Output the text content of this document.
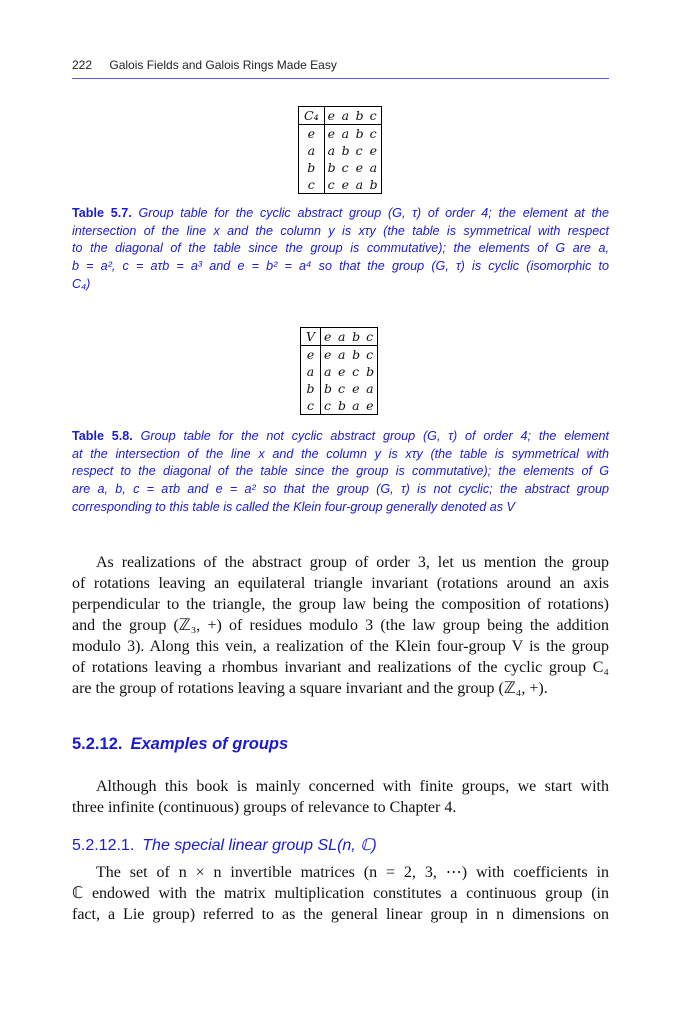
222 Galois Fields and Galois Rings Made Easy
C₄	e	a	b	c
e	e	a	b	c
a	a	b	c	e
b	b	c	e	a
c	c	e	a	b
Table 5.7. Group table for the cyclic abstract group (G, τ) of order 4; the element at the
intersection of the line x and the column y is xτy (the table is symmetrical with respect
to the diagonal of the table since the group is commutative); the elements of G are a,
b = a², c = aτb = a³ and e = b² = a⁴ so that the group (G, τ) is cyclic (isomorphic to
C₄)
V	e	a	b	c
e	e	a	b	c
a	a	e	c	b
b	b	c	e	a
c	c	b	a	e
Table 5.8. Group table for the not cyclic abstract group (G, τ) of order 4; the element
at the intersection of the line x and the column y is xτy (the table is symmetrical with
respect to the diagonal of the table since the group is commutative); the elements of G
are a, b, c = aτb and e = a² so that the group (G, τ) is not cyclic; the abstract group
corresponding to this table is called the Klein four-group generally denoted as V
As realizations of the abstract group of order 3, let us mention the group
of rotations leaving an equilateral triangle invariant (rotations around an axis
perpendicular to the triangle, the group law being the composition of rotations)
and the group (ℤ₃, +) of residues modulo 3 (the law group being the addition
modulo 3). Along this vein, a realization of the Klein four-group V is the group
of rotations leaving a rhombus invariant and realizations of the cyclic group C₄
are the group of rotations leaving a square invariant and the group (ℤ₄, +).
5.2.12. Examples of groups
Although this book is mainly concerned with finite groups, we start with
three infinite (continuous) groups of relevance to Chapter 4.
5.2.12.1. The special linear group SL(n, ℂ)
The set of n × n invertible matrices (n = 2, 3, ⋯) with coefficients in
ℂ endowed with the matrix multiplication constitutes a continuous group (in
fact, a Lie group) referred to as the general linear group in n dimensions on
